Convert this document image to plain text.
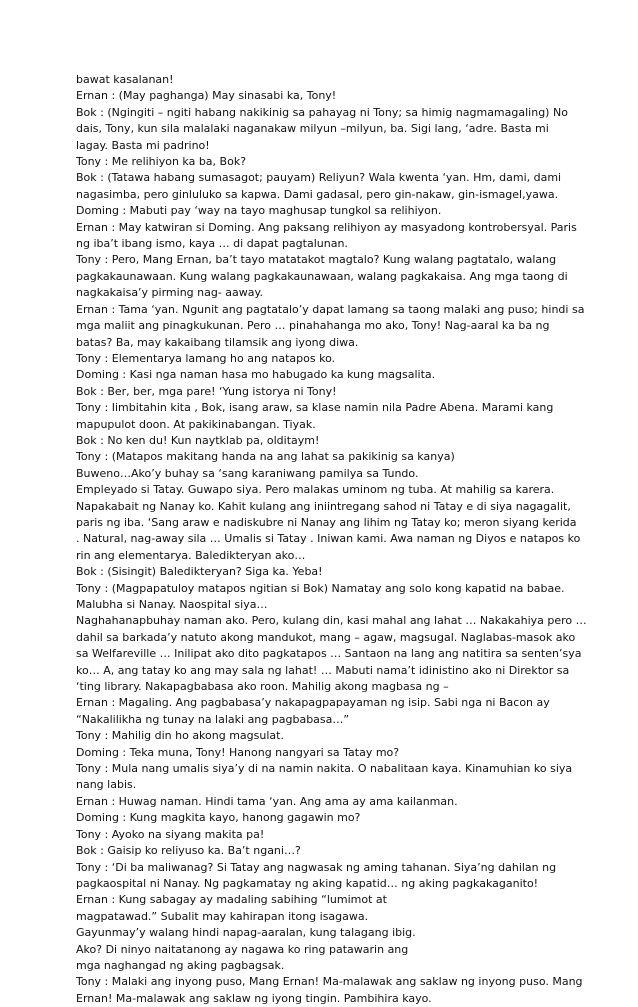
bawat kasalanan!

Ernan : (May paghanga) May sinasabi ka, Tony!

Bok : (Ngingiti – ngiti habang nakikinig sa pahayag ni Tony; sa himig nagmamagaling) No

dais, Tony, kun sila malalaki naganakaw milyun –milyun, ba. Sigi lang, ‘adre. Basta mi

lagay. Basta mi padrino!

Tony : Me relihiyon ka ba, Bok?

Bok : (Tatawa habang sumasagot; pauyam) Reliyun? Wala kwenta ‘yan. Hm, dami, dami

nagasimba, pero ginluluko sa kapwa. Dami gadasal, pero gin-nakaw, gin-ismagel,yawa.

Doming : Mabuti pay ‘way na tayo maghusap tungkol sa relihiyon.

Ernan : May katwiran si Doming. Ang paksang relihiyon ay masyadong kontrobersyal. Paris

ng iba’t ibang ismo, kaya … di dapat pagtalunan.

Tony : Pero, Mang Ernan, ba’t tayo matatakot magtalo? Kung walang pagtatalo, walang

pagkakaunawaan. Kung walang pagkakaunawaan, walang pagkakaisa. Ang mga taong di

nagkakaisa’y pirming nag- aaway.

Ernan : Tama ‘yan. Ngunit ang pagtatalo’y dapat lamang sa taong malaki ang puso; hindi sa

mga maliit ang pinagkukunan. Pero … pinahahanga mo ako, Tony! Nag-aaral ka ba ng

batas? Ba, may kakaibang tilamsik ang iyong diwa.

Tony : Elementarya lamang ho ang natapos ko.

Doming : Kasi nga naman hasa mo habugado ka kung magsalita.

Bok : Ber, ber, mga pare! ‘Yung istorya ni Tony!

Tony : Iimbitahin kita , Bok, isang araw, sa klase namin nila Padre Abena. Marami kang

mapupulot doon. At pakikinabangan. Tiyak.

Bok : No ken du! Kun naytklab pa, olditaym!

Tony : (Matapos makitang handa na ang lahat sa pakikinig sa kanya)

Buweno…Ako’y buhay sa ‘sang karaniwang pamilya sa Tundo.

Empleyado si Tatay. Guwapo siya. Pero malakas uminom ng tuba. At mahilig sa karera.

Napakabait ng Nanay ko. Kahit kulang ang iniintregang sahod ni Tatay e di siya nagagalit,

paris ng iba. ‘Sang araw e nadiskubre ni Nanay ang lihim ng Tatay ko; meron siyang kerida

. Natural, nag-away sila … Umalis si Tatay . Iniwan kami. Awa naman ng Diyos e natapos ko

rin ang elementarya. Baledikteryan ako…

Bok : (Sisingit) Baledikteryan? Siga ka. Yeba!

Tony : (Magpapatuloy matapos ngitian si Bok) Namatay ang solo kong kapatid na babae.

Malubha si Nanay. Naospital siya…

Naghahanapbuhay naman ako. Pero, kulang din, kasi mahal ang lahat … Nakakahiya pero …

dahil sa barkada’y natuto akong mandukot, mang – agaw, magsugal. Naglabas-masok ako

sa Welfareville … Inilipat ako dito pagkatapos … Santaon na lang ang natitira sa senten’sya

ko… A, ang tatay ko ang may sala ng lahat! … Mabuti nama’t idinistino ako ni Direktor sa

‘ting library. Nakapagbabasa ako roon. Mahilig akong magbasa ng –

Ernan : Magaling. Ang pagbabasa’y nakapagpapayaman ng isip. Sabi nga ni Bacon ay

“Nakalilikha ng tunay na lalaki ang pagbabasa…”

Tony : Mahilig din ho akong magsulat.

Doming : Teka muna, Tony! Hanong nangyari sa Tatay mo?

Tony : Mula nang umalis siya’y di na namin nakita. O nabalitaan kaya. Kinamuhian ko siya

nang labis.

Ernan : Huwag naman. Hindi tama ‘yan. Ang ama ay ama kailanman.

Doming : Kung magkita kayo, hanong gagawin mo?

Tony : Ayoko na siyang makita pa!

Bok : Gaisip ko reliyuso ka. Ba’t ngani…?

Tony : ‘Di ba maliwanag? Si Tatay ang nagwasak ng aming tahanan. Siya’ng dahilan ng

pagkaospital ni Nanay. Ng pagkamatay ng aking kapatid… ng aking pagkakaganito!

Ernan : Kung sabagay ay madaling sabihing “lumimot at

magpatawad.” Subalit may kahirapan itong isagawa.

Gayunmay’y walang hindi napag-aaralan, kung talagang ibig.

Ako? Di ninyo naitatanong ay nagawa ko ring patawarin ang

mga naghangad ng aking pagbagsak.

Tony : Malaki ang inyong puso, Mang Ernan! Ma-malawak ang saklaw ng inyong puso. Mang

Ernan! Ma-malawak ang saklaw ng iyong tingin. Pambihira kayo.
